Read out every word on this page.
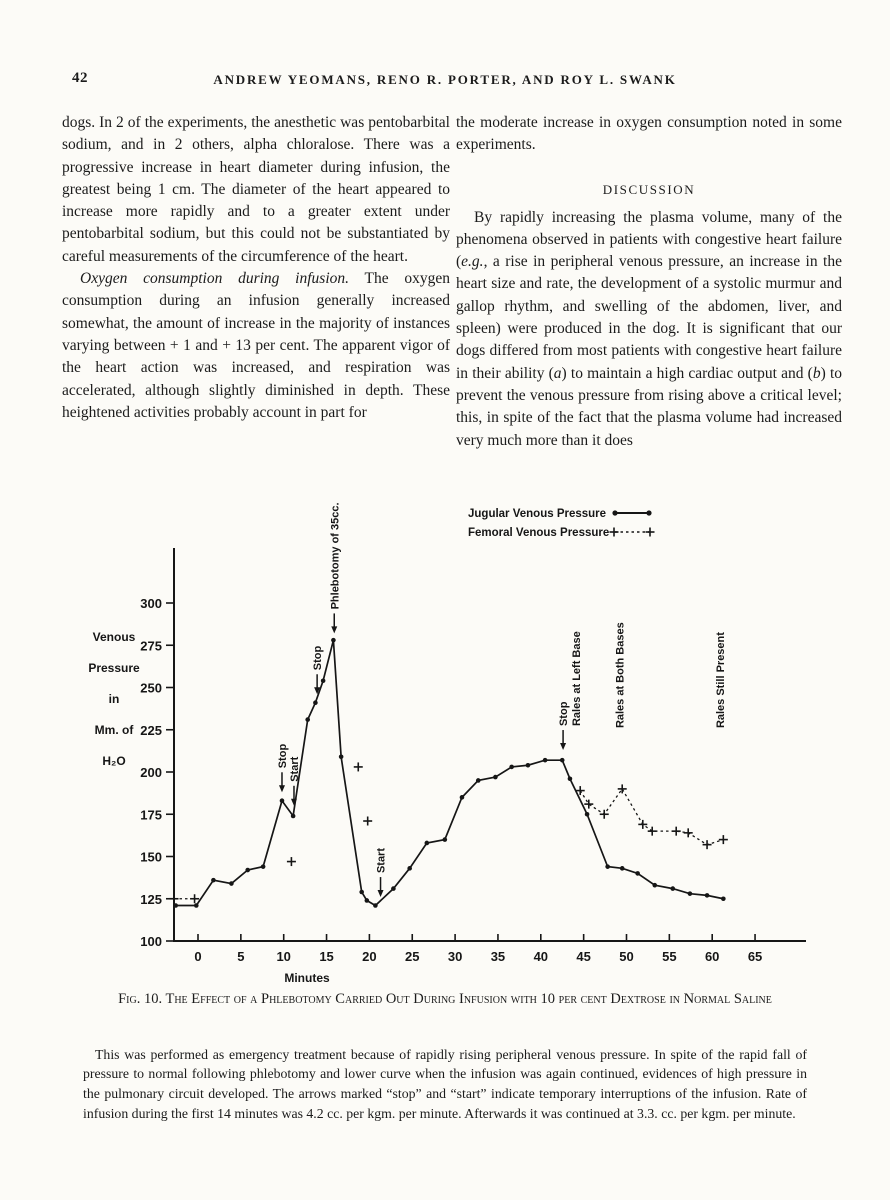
42	ANDREW YEOMANS, RENO R. PORTER, AND ROY L. SWANK

dogs. In 2 of the experiments, the anesthetic was pentobarbital sodium, and in 2 others, alpha chloralose. There was a progressive increase in heart diameter during infusion, the greatest being 1 cm. The diameter of the heart appeared to increase more rapidly and to a greater extent under pentobarbital sodium, but this could not be substantiated by careful measurements of the circumference of the heart.

Oxygen consumption during infusion. The oxygen consumption during an infusion generally increased somewhat, the amount of increase in the majority of instances varying between + 1 and + 13 per cent. The apparent vigor of the heart action was increased, and respiration was accelerated, although slightly diminished in depth. These heightened activities probably account in part for

the moderate increase in oxygen consumption noted in some experiments.

DISCUSSION

By rapidly increasing the plasma volume, many of the phenomena observed in patients with congestive heart failure (e.g., a rise in peripheral venous pressure, an increase in the heart size and rate, the development of a systolic murmur and gallop rhythm, and swelling of the abdomen, liver, and spleen) were produced in the dog. It is significant that our dogs differed from most patients with congestive heart failure in their ability (a) to maintain a high cardiac output and (b) to prevent the venous pressure from rising above a critical level; this, in spite of the fact that the plasma volume had increased very much more than it does

100
125
150
175
200
225
250
275
300
0	5 10 15 20 25 30 35 40 45 50 55 60 65
Minutes
Venous
Pressure
in
Mm. of
H₂O
Jugular Venous Pressure
Femoral Venous Pressure
Stop
Start
Stop
Phlebotomy of 35cc.
Start
Stop Rales at Left Base	Rales at Both Bases	Rales Still Present
Fig. 10. The Effect of a Phlebotomy Carried Out During Infusion with 10 per cent Dextrose in Normal Saline

This was performed as emergency treatment because of rapidly rising peripheral venous pressure. In spite of the rapid fall of pressure to normal following phlebotomy and lower curve when the infusion was again continued, evidences of high pressure in the pulmonary circuit developed. The arrows marked “stop” and “start” indicate temporary interruptions of the infusion. Rate of infusion during the first 14 minutes was 4.2 cc. per kgm. per minute. Afterwards it was continued at 3.3. cc. per kgm. per minute.
